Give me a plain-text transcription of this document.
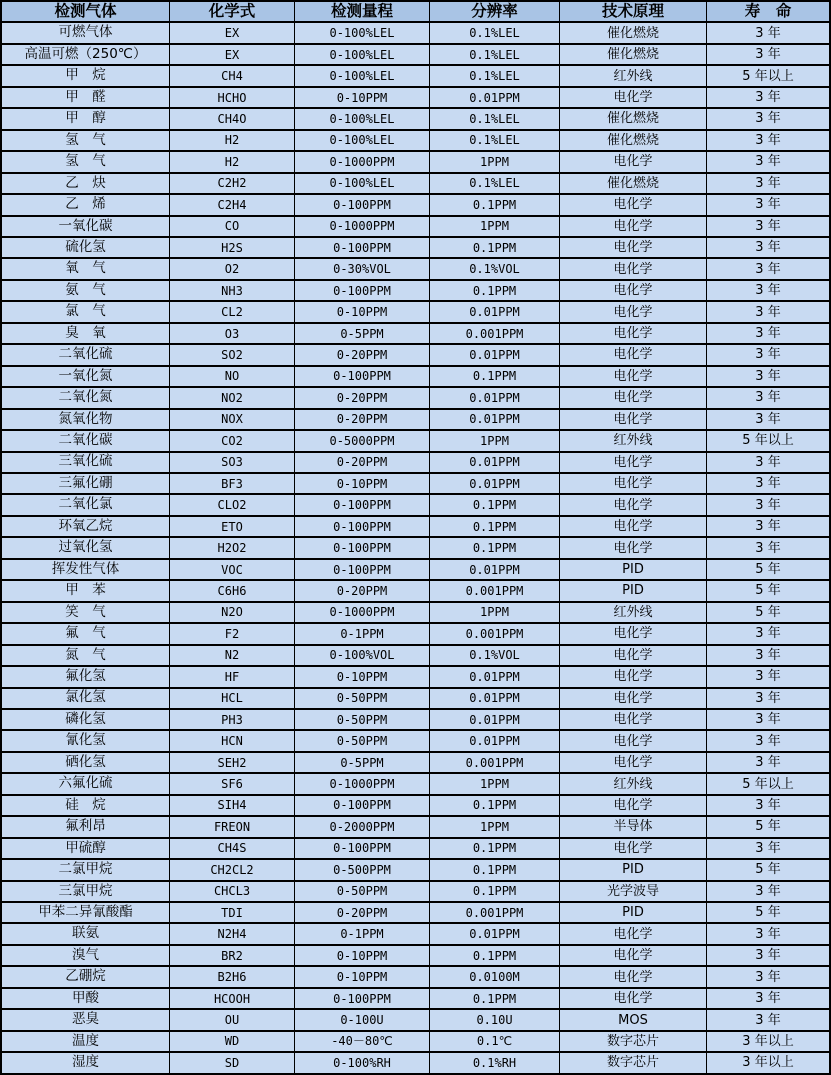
检测气体	化学式	检测量程	分辨率	技术原理	寿　命
可燃气体	EX	0-100%LEL	0.1%LEL	催化燃烧	3 年
高温可燃（250℃）	EX	0-100%LEL	0.1%LEL	催化燃烧	3 年
甲　烷	CH4	0-100%LEL	0.1%LEL	红外线	5 年以上
甲　醛	HCHO	0-10PPM	0.01PPM	电化学	3 年
甲　醇	CH4O	0-100%LEL	0.1%LEL	催化燃烧	3 年
氢　气	H2	0-100%LEL	0.1%LEL	催化燃烧	3 年
氢　气	H2	0-1000PPM	1PPM	电化学	3 年
乙　炔	C2H2	0-100%LEL	0.1%LEL	催化燃烧	3 年
乙　烯	C2H4	0-100PPM	0.1PPM	电化学	3 年
一氧化碳	CO	0-1000PPM	1PPM	电化学	3 年
硫化氢	H2S	0-100PPM	0.1PPM	电化学	3 年
氧　气	O2	0-30%VOL	0.1%VOL	电化学	3 年
氨　气	NH3	0-100PPM	0.1PPM	电化学	3 年
氯　气	CL2	0-10PPM	0.01PPM	电化学	3 年
臭　氧	O3	0-5PPM	0.001PPM	电化学	3 年
二氧化硫	SO2	0-20PPM	0.01PPM	电化学	3 年
一氧化氮	NO	0-100PPM	0.1PPM	电化学	3 年
二氧化氮	NO2	0-20PPM	0.01PPM	电化学	3 年
氮氧化物	NOX	0-20PPM	0.01PPM	电化学	3 年
二氧化碳	CO2	0-5000PPM	1PPM	红外线	5 年以上
三氧化硫	SO3	0-20PPM	0.01PPM	电化学	3 年
三氟化硼	BF3	0-10PPM	0.01PPM	电化学	3 年
二氧化氯	CLO2	0-100PPM	0.1PPM	电化学	3 年
环氧乙烷	ETO	0-100PPM	0.1PPM	电化学	3 年
过氧化氢	H2O2	0-100PPM	0.1PPM	电化学	3 年
挥发性气体	VOC	0-100PPM	0.01PPM	PID	5 年
甲　苯	C6H6	0-20PPM	0.001PPM	PID	5 年
笑　气	N2O	0-1000PPM	1PPM	红外线	5 年
氟　气	F2	0-1PPM	0.001PPM	电化学	3 年
氮　气	N2	0-100%VOL	0.1%VOL	电化学	3 年
氟化氢	HF	0-10PPM	0.01PPM	电化学	3 年
氯化氢	HCL	0-50PPM	0.01PPM	电化学	3 年
磷化氢	PH3	0-50PPM	0.01PPM	电化学	3 年
氰化氢	HCN	0-50PPM	0.01PPM	电化学	3 年
硒化氢	SEH2	0-5PPM	0.001PPM	电化学	3 年
六氟化硫	SF6	0-1000PPM	1PPM	红外线	5 年以上
硅　烷	SIH4	0-100PPM	0.1PPM	电化学	3 年
氟利昂	FREON	0-2000PPM	1PPM	半导体	5 年
甲硫醇	CH4S	0-100PPM	0.1PPM	电化学	3 年
二氯甲烷	CH2CL2	0-500PPM	0.1PPM	PID	5 年
三氯甲烷	CHCL3	0-50PPM	0.1PPM	光学波导	3 年
甲苯二异氰酸酯	TDI	0-20PPM	0.001PPM	PID	5 年
联氨	N2H4	0-1PPM	0.01PPM	电化学	3 年
溴气	BR2	0-10PPM	0.1PPM	电化学	3 年
乙硼烷	B2H6	0-10PPM	0.0100M	电化学	3 年
甲酸	HCOOH	0-100PPM	0.1PPM	电化学	3 年
恶臭	OU	0-100U	0.10U	MOS	3 年
温度	WD	-40－80℃	0.1℃	数字芯片	3 年以上
湿度	SD	0-100%RH	0.1%RH	数字芯片	3 年以上
